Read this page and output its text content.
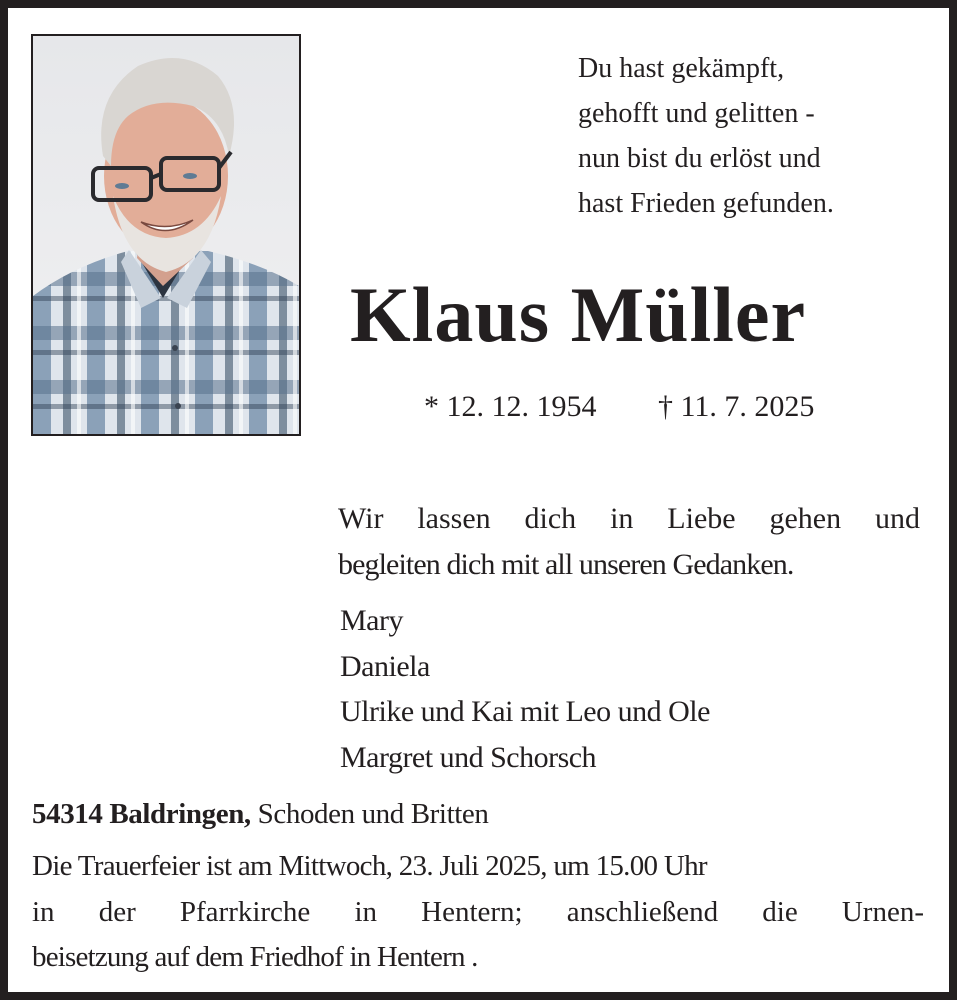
Du hast gekämpft,
gehofft und gelitten -
nun bist du erlöst und
hast Frieden gefunden.
Klaus Müller
* 12. 12. 1954 † 11. 7. 2025
Wir lassen dich in Liebe gehen und
begleiten dich mit all unseren Gedanken.
Mary
Daniela
Ulrike und Kai mit Leo und Ole
Margret und Schorsch
54314 Baldringen, Schoden und Britten
Die Trauerfeier ist am Mittwoch, 23. Juli 2025, um 15.00 Uhr
in der Pfarrkirche in Hentern; anschließend die Urnen-
beisetzung auf dem Friedhof in Hentern .
